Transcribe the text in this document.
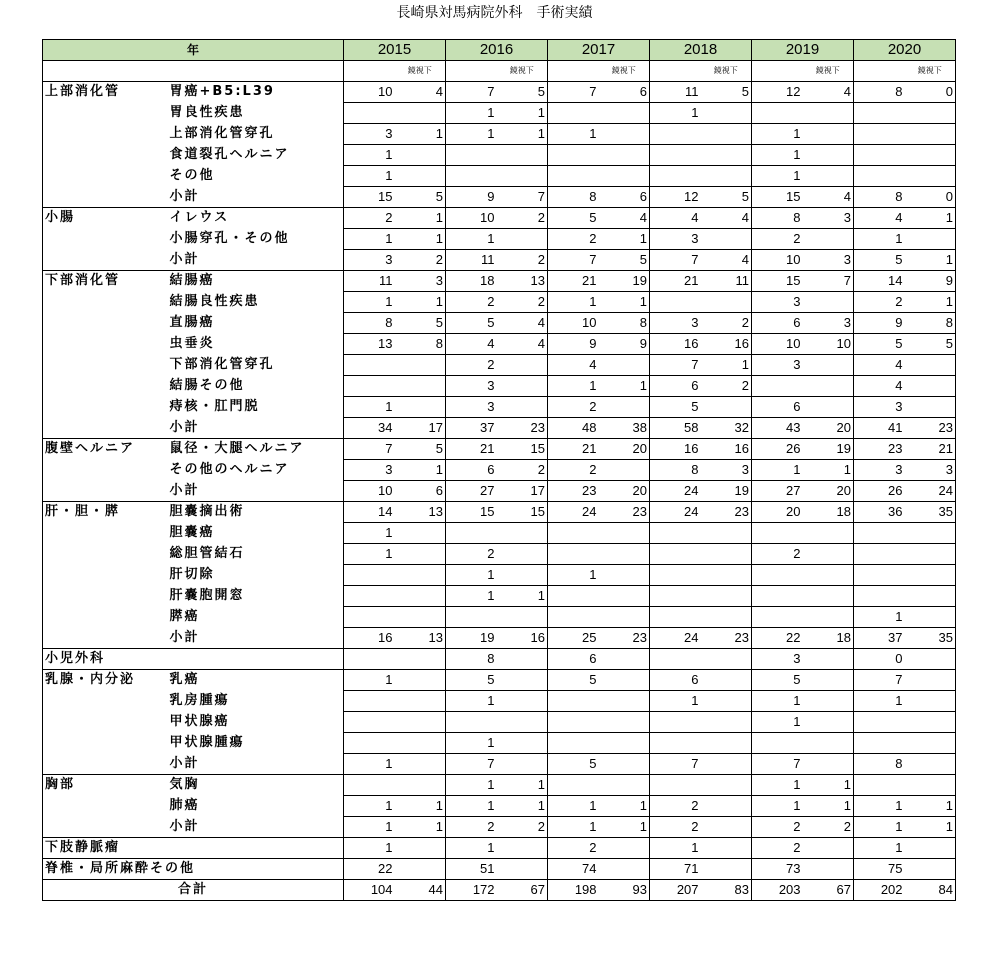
長崎県対馬病院外科　手術実績
年		2015		2016		2017		2018		2019		2020	
			鏡視下		鏡視下		鏡視下		鏡視下		鏡視下		鏡視下
上部消化管	胃癌+B5:L39	10	4	7	5	7	6	11	5	12	4	8	0
	胃良性疾患			1	1			1					
	上部消化管穿孔	3	1	1	1	1				1			
	食道裂孔ヘルニア	1								1			
	その他	1								1			
	小計	15	5	9	7	8	6	12	5	15	4	8	0
小腸	イレウス	2	1	10	2	5	4	4	4	8	3	4	1
	小腸穿孔・その他	1	1	1		2	1	3		2		1	
	小計	3	2	11	2	7	5	7	4	10	3	5	1
下部消化管	結腸癌	11	3	18	13	21	19	21	11	15	7	14	9
	結腸良性疾患	1	1	2	2	1	1			3		2	1
	直腸癌	8	5	5	4	10	8	3	2	6	3	9	8
	虫垂炎	13	8	4	4	9	9	16	16	10	10	5	5
	下部消化管穿孔			2		4		7	1	3		4	
	結腸その他			3		1	1	6	2			4	
	痔核・肛門脱	1		3		2		5		6		3	
	小計	34	17	37	23	48	38	58	32	43	20	41	23
腹壁ヘルニア	鼠径・大腿ヘルニア	7	5	21	15	21	20	16	16	26	19	23	21
	その他のヘルニア	3	1	6	2	2		8	3	1	1	3	3
	小計	10	6	27	17	23	20	24	19	27	20	26	24
肝・胆・膵	胆嚢摘出術	14	13	15	15	24	23	24	23	20	18	36	35
	胆嚢癌	1											
	総胆管結石	1		2						2			
	肝切除			1		1							
	肝嚢胞開窓			1	1								
	膵癌											1	
	小計	16	13	19	16	25	23	24	23	22	18	37	35
小児外科				8		6				3		0	
乳腺・内分泌	乳癌	1		5		5		6		5		7	
	乳房腫瘍			1				1		1		1	
	甲状腺癌									1			
	甲状腺腫瘍			1									
	小計	1		7		5		7		7		8	
胸部	気胸			1	1					1	1		
	肺癌	1	1	1	1	1	1	2		1	1	1	1
	小計	1	1	2	2	1	1	2		2	2	1	1
下肢静脈瘤		1		1		2		1		2		1	
脊椎・局所麻酔その他		22		51		74		71		73		75	
合計		104	44	172	67	198	93	207	83	203	67	202	84
